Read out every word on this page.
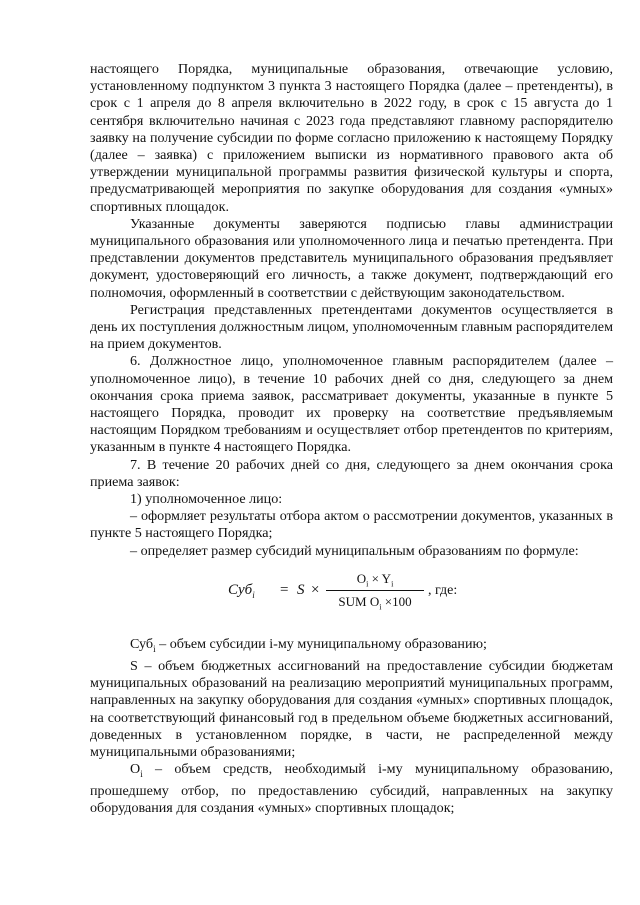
настоящего Порядка, муниципальные образования, отвечающие условию, установленному подпунктом 3 пункта 3 настоящего Порядка (далее – претенденты), в срок с 1 апреля до 8 апреля включительно в 2022 году, в срок с 15 августа до 1 сентября включительно начиная с 2023 года представляют главному распорядителю заявку на получение субсидии по форме согласно приложению к настоящему Порядку (далее – заявка) с приложением выписки из нормативного правового акта об утверждении муниципальной программы развития физической культуры и спорта, предусматривающей мероприятия по закупке оборудования для создания «умных» спортивных площадок.

Указанные документы заверяются подписью главы администрации муниципального образования или уполномоченного лица и печатью претендента. При представлении документов представитель муниципального образования предъявляет документ, удостоверяющий его личность, а также документ, подтверждающий его полномочия, оформленный в соответствии с действующим законодательством.

Регистрация представленных претендентами документов осуществляется в день их поступления должностным лицом, уполномоченным главным распорядителем на прием документов.

6. Должностное лицо, уполномоченное главным распорядителем (далее – уполномоченное лицо), в течение 10 рабочих дней со дня, следующего за днем окончания срока приема заявок, рассматривает документы, указанные в пункте 5 настоящего Порядка, проводит их проверку на соответствие предъявляемым настоящим Порядком требованиям и осуществляет отбор претендентов по критериям, указанным в пункте 4 настоящего Порядка.

7. В течение 20 рабочих дней со дня, следующего за днем окончания срока приема заявок:

1) уполномоченное лицо:

– оформляет результаты отбора актом о рассмотрении документов, указанных в пункте 5 настоящего Порядка;

– определяет размер субсидий муниципальным образованиям по формуле:

Суб$_i$ = S ×
$O_i \times Y_i$
SUM $O_i \times 100$
, где:

Суб$_i$ – объем субсидии i-му муниципальному образованию;

S – объем бюджетных ассигнований на предоставление субсидии бюджетам муниципальных образований на реализацию мероприятий муниципальных программ, направленных на закупку оборудования для создания «умных» спортивных площадок, на соответствующий финансовый год в предельном объеме бюджетных ассигнований, доведенных в установленном порядке, в части, не распределенной между муниципальными образованиями;

$O_i$ – объем средств, необходимый i-му муниципальному образованию, прошедшему отбор, по предоставлению субсидий, направленных на закупку оборудования для создания «умных» спортивных площадок;
